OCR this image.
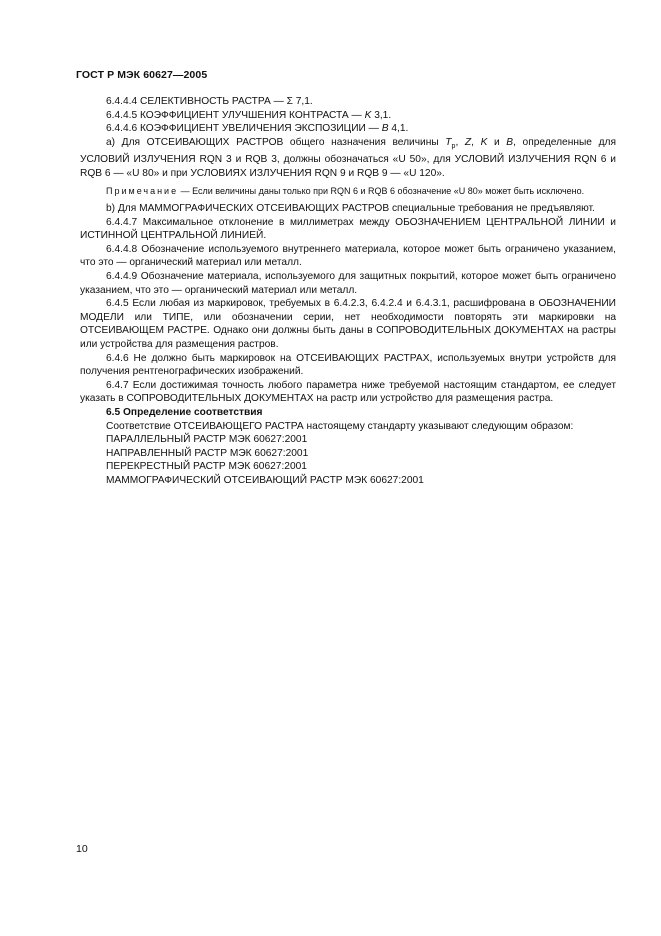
ГОСТ Р МЭК 60627—2005

6.4.4.4 СЕЛЕКТИВНОСТЬ РАСТРА — Σ 7,1.

6.4.4.5 КОЭФФИЦИЕНТ УЛУЧШЕНИЯ КОНТРАСТА — K 3,1.

6.4.4.6 КОЭФФИЦИЕНТ УВЕЛИЧЕНИЯ ЭКСПОЗИЦИИ — B 4,1.

а) Для ОТСЕИВАЮЩИХ РАСТРОВ общего назначения величины $T_p$, Z, K и B, определенные для УСЛОВИЙ ИЗЛУЧЕНИЯ RQN 3 и RQB 3, должны обозначаться «U 50», для УСЛОВИЙ ИЗЛУЧЕНИЯ RQN 6 и RQB 6 — «U 80» и при УСЛОВИЯХ ИЗЛУЧЕНИЯ RQN 9 и RQB 9 — «U 120».

Примечание — Если величины даны только при RQN 6 и RQB 6 обозначение «U 80» может быть исключено.

b) Для МАММОГРАФИЧЕСКИХ ОТСЕИВАЮЩИХ РАСТРОВ специальные требования не предъявляют.

6.4.4.7 Максимальное отклонение в миллиметрах между ОБОЗНАЧЕНИЕМ ЦЕНТРАЛЬНОЙ ЛИНИИ и ИСТИННОЙ ЦЕНТРАЛЬНОЙ ЛИНИЕЙ.

6.4.4.8 Обозначение используемого внутреннего материала, которое может быть ограничено указанием, что это — органический материал или металл.

6.4.4.9 Обозначение материала, используемого для защитных покрытий, которое может быть ограничено указанием, что это — органический материал или металл.

6.4.5 Если любая из маркировок, требуемых в 6.4.2.3, 6.4.2.4 и 6.4.3.1, расшифрована в ОБОЗНАЧЕНИИ МОДЕЛИ или ТИПЕ, или обозначении серии, нет необходимости повторять эти маркировки на ОТСЕИВАЮЩЕМ РАСТРЕ. Однако они должны быть даны в СОПРОВОДИТЕЛЬНЫХ ДОКУМЕНТАХ на растры или устройства для размещения растров.

6.4.6 Не должно быть маркировок на ОТСЕИВАЮЩИХ РАСТРАХ, используемых внутри устройств для получения рентгенографических изображений.

6.4.7 Если достижимая точность любого параметра ниже требуемой настоящим стандартом, ее следует указать в СОПРОВОДИТЕЛЬНЫХ ДОКУМЕНТАХ на растр или устройство для размещения растра.

6.5 Определение соответствия

Соответствие ОТСЕИВАЮЩЕГО РАСТРА настоящему стандарту указывают следующим образом:

ПАРАЛЛЕЛЬНЫЙ РАСТР МЭК 60627:2001

НАПРАВЛЕННЫЙ РАСТР МЭК 60627:2001

ПЕРЕКРЕСТНЫЙ РАСТР МЭК 60627:2001

МАММОГРАФИЧЕСКИЙ ОТСЕИВАЮЩИЙ РАСТР МЭК 60627:2001

10
